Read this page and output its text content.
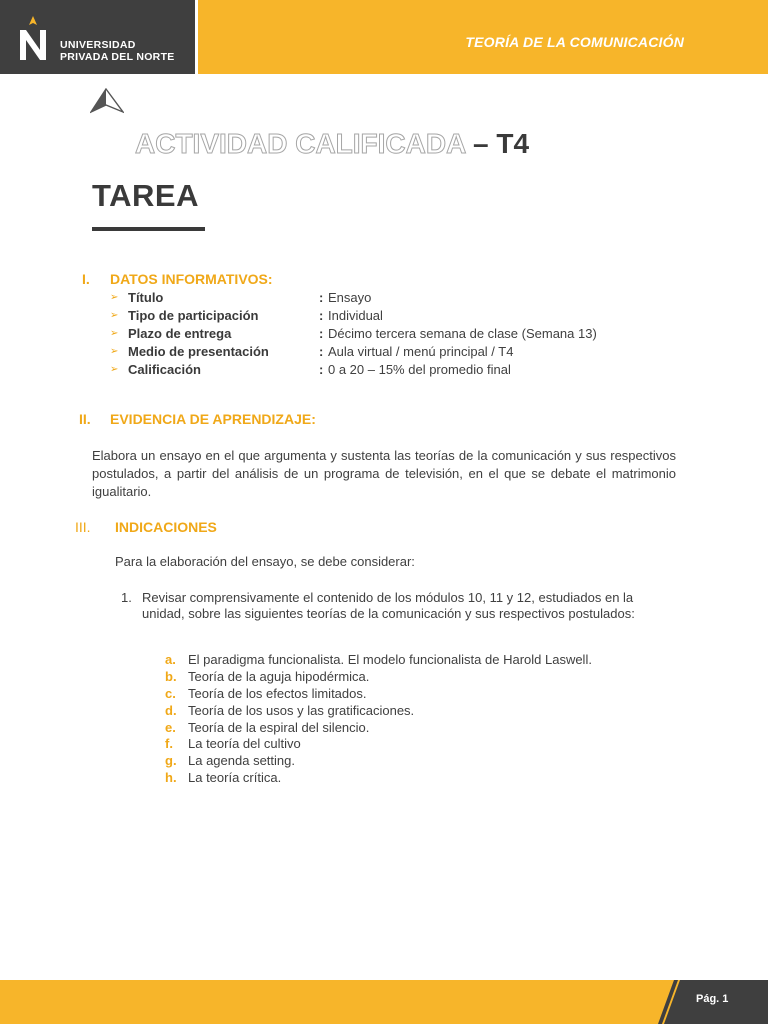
UNIVERSIDAD
PRIVADA DEL NORTE
TEORÍA DE LA COMUNICACIÓN
ACTIVIDAD CALIFICADA – T4
TAREA
I. DATOS INFORMATIVOS:
➢ Título	: Ensayo
➢ Tipo de participación	: Individual
➢ Plazo de entrega	: Décimo tercera semana de clase (Semana 13)
➢ Medio de presentación	: Aula virtual / menú principal / T4
➢ Calificación	: 0 a 20 – 15% del promedio final
II. EVIDENCIA DE APRENDIZAJE:
Elabora un ensayo en el que argumenta y sustenta las teorías de la comunicación y sus respectivos postulados, a partir del análisis de un programa de televisión, en el que se debate el matrimonio igualitario.
III. INDICACIONES
Para la elaboración del ensayo, se debe considerar:
1. Revisar comprensivamente el contenido de los módulos 10, 11 y 12, estudiados en la unidad, sobre las siguientes teorías de la comunicación y sus respectivos postulados:
a. El paradigma funcionalista. El modelo funcionalista de Harold Laswell.
b. Teoría de la aguja hipodérmica.
c. Teoría de los efectos limitados.
d. Teoría de los usos y las gratificaciones.
e. Teoría de la espiral del silencio.
f. La teoría del cultivo
g. La agenda setting.
h. La teoría crítica.
Pág. 1
